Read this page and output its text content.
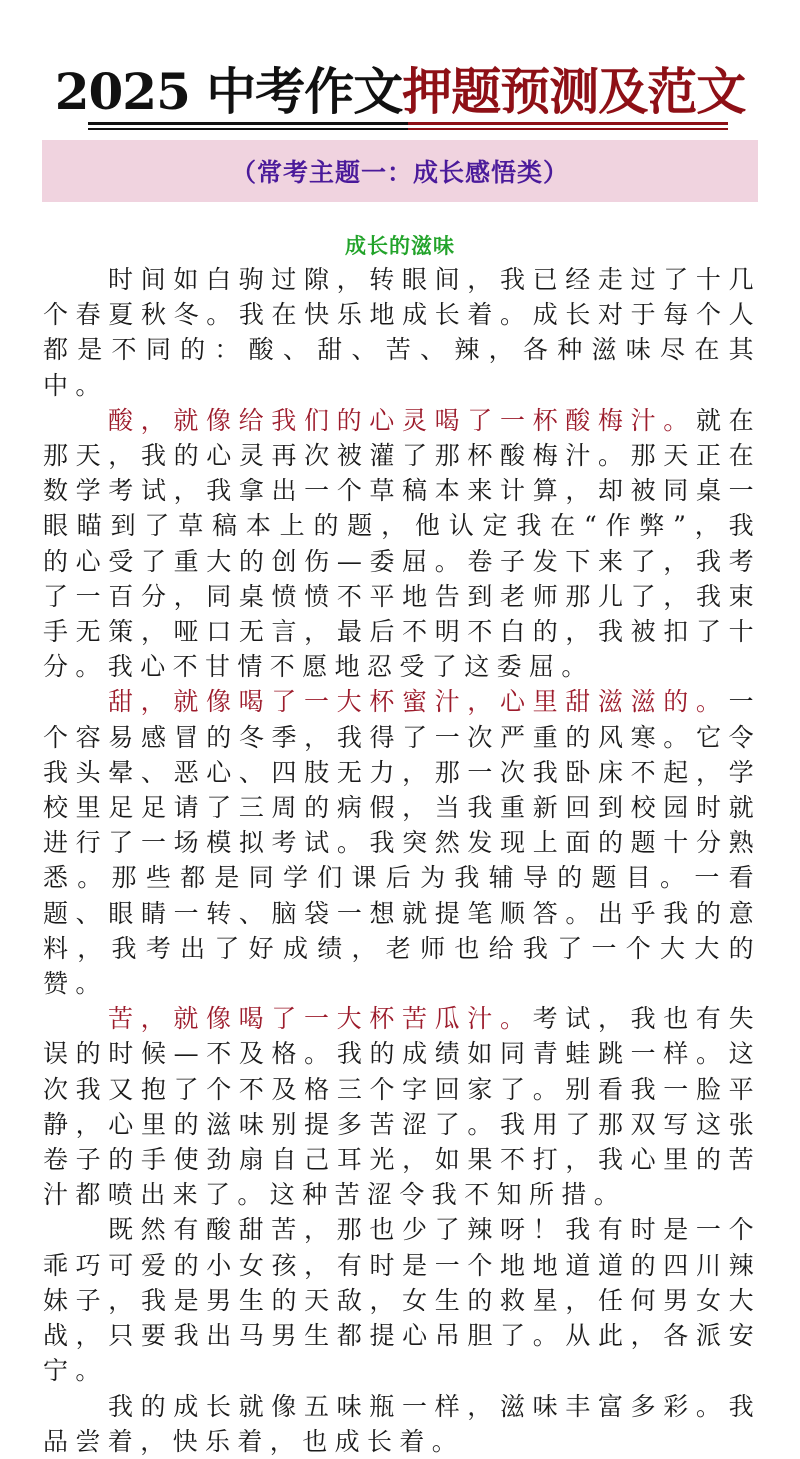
2025 中考作文押题预测及范文
（常考主题一：成长感悟类）
成长的滋味

时间如白驹过隙，转眼间，我已经走过了十几个春夏秋冬。我在快乐地成长着。成长对于每个人都是不同的：酸、甜、苦、辣，各种滋味尽在其中。

酸，就像给我们的心灵喝了一杯酸梅汁。就在那天，我的心灵再次被灌了那杯酸梅汁。那天正在数学考试，我拿出一个草稿本来计算，却被同桌一眼瞄到了草稿本上的题，他认定我在“作弊”，我的心受了重大的创伤—委屈。卷子发下来了，我考了一百分，同桌愤愤不平地告到老师那儿了，我束手无策，哑口无言，最后不明不白的，我被扣了十分。我心不甘情不愿地忍受了这委屈。

甜，就像喝了一大杯蜜汁，心里甜滋滋的。一个容易感冒的冬季，我得了一次严重的风寒。它令我头晕、恶心、四肢无力，那一次我卧床不起，学校里足足请了三周的病假，当我重新回到校园时就进行了一场模拟考试。我突然发现上面的题十分熟悉。那些都是同学们课后为我辅导的题目。一看题、眼睛一转、脑袋一想就提笔顺答。出乎我的意料，我考出了好成绩，老师也给我了一个大大的赞。

苦，就像喝了一大杯苦瓜汁。考试，我也有失误的时候—不及格。我的成绩如同青蛙跳一样。这次我又抱了个不及格三个字回家了。别看我一脸平静，心里的滋味别提多苦涩了。我用了那双写这张卷子的手使劲扇自己耳光，如果不打，我心里的苦汁都喷出来了。这种苦涩令我不知所措。

既然有酸甜苦，那也少了辣呀！我有时是一个乖巧可爱的小女孩，有时是一个地地道道的四川辣妹子，我是男生的天敌，女生的救星，任何男女大战，只要我出马男生都提心吊胆了。从此，各派安宁。

我的成长就像五味瓶一样，滋味丰富多彩。我品尝着，快乐着，也成长着。
